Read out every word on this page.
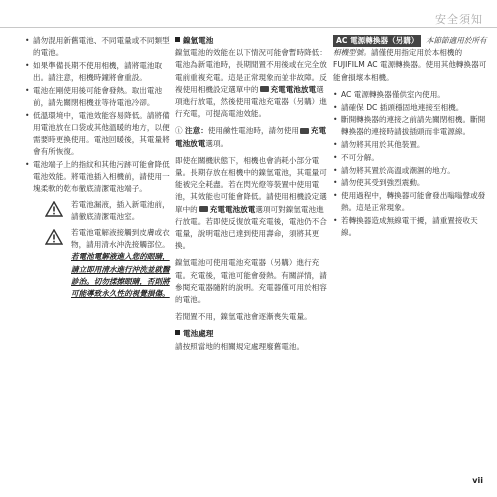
安全須知
• 請勿混用新舊電池、不同電量或不同類型的電池。
• 如果準備長期不使用相機，請將電池取出。請注意，相機時鐘將會重設。
• 電池在剛使用後可能會發熱。取出電池前，請先關閉相機並等待電池冷卻。
• 低溫環境中，電池效能容易降低。請將備用電池放在口袋或其他溫暖的地方，以便需要時更換使用。電池回暖後，其電量將會有所恢復。
• 電池端子上的指紋和其他污跡可能會降低電池效能。將電池插入相機前，請使用一塊柔軟的乾布徹底清潔電池端子。
若電池漏液，插入新電池前，請徹底清潔電池室。
若電池電解液接觸到皮膚或衣物，請用清水沖洗接觸部位。
若電池電解液進入您的眼睛，請立即用清水進行沖洗並就醫診治。切勿揉擦眼睛，否則將可能導致永久性的視覺損傷。
鎳氫電池

鎳氫電池的效能在以下情況可能會暫時降低：電池為新電池時，長期閒置不用後或在完全放電前重複充電。這是正常現象而並非故障。反複使用相機設定選單中的 充電電池放電選項進行放電，然後使用電池充電器（另購）進行充電，可提高電池效能。

ⓘ 注意：使用鹼性電池時，請勿使用 充電電池放電選項。

即使在關機狀態下，相機也會消耗小部分電量。長期存放在相機中的鎳氫電池，其電量可能被完全耗盡。若在閃光燈等裝置中使用電池，其效能也可能會降低。請使用相機設定選單中的 充電電池放電選項可對鎳氫電池進行放電。若即使反復放電充電後，電池仍不合電量，說明電池已達到使用壽命，須將其更換。

鎳氫電池可使用電池充電器（另購）進行充電。充電後，電池可能會發熱。有關詳情，請參閱充電器隨附的說明。充電器僅可用於相容的電池。

若閒置不用，鎳氫電池會逐漸喪失電量。

電池處理

請按照當地的相關規定處理廢舊電池。

AC 電源轉換器（另購） 本節節適用於所有相機型號。請僅使用指定用於本相機的 FUJIFILM AC 電源轉換器。使用其他轉換器可能會損壞本相機。

• AC 電源轉換器僅供室內使用。
• 請確保 DC 插頭穩固地連接至相機。
• 斷開轉換器的連接之前請先關閉相機。斷開轉換器的連接時請拔插頭而非電源線。
• 請勿將其用於其他裝置。
• 不可分解。
• 請勿將其置於高溫或潮濕的地方。
• 請勿使其受到強烈震動。
• 使用過程中，轉換器可能會發出嗡嗡聲或發熱。這是正常現象。
• 若轉換器造成無線電干擾，請重置接收天線。
vii
